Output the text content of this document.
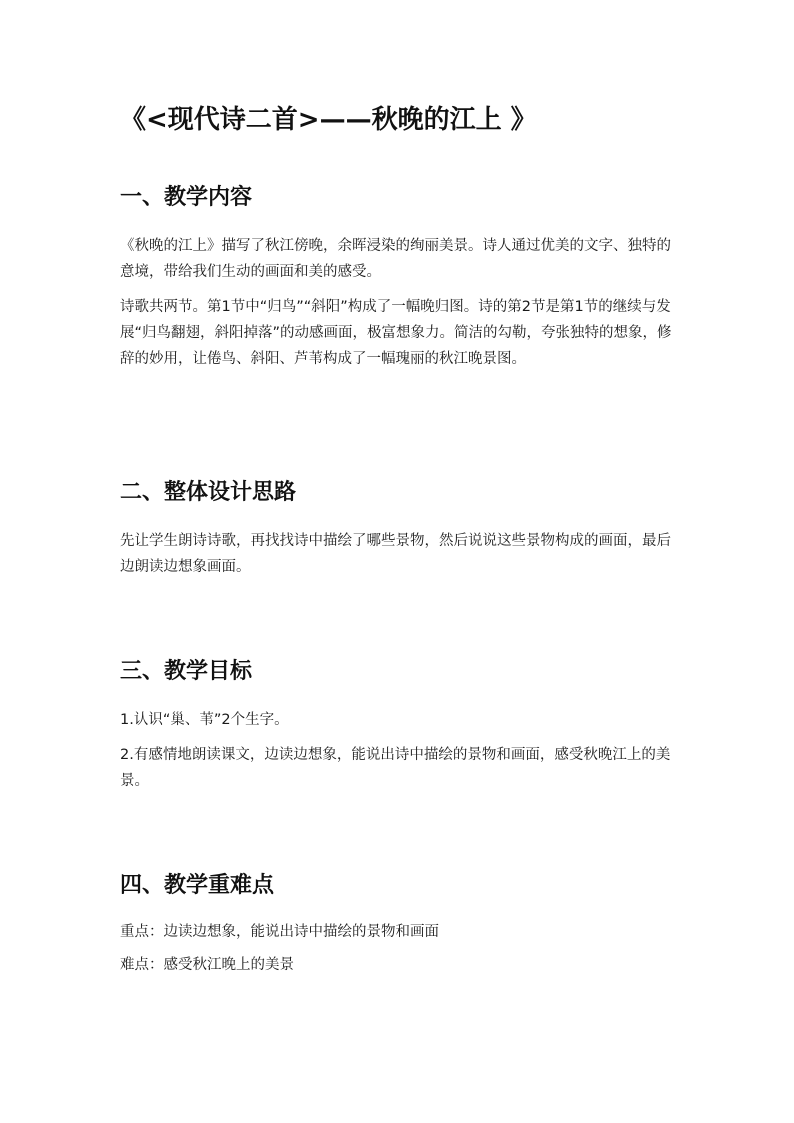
《<现代诗二首>——秋晚的江上 》
一、教学内容

《秋晚的江上》描写了秋江傍晚，余晖浸染的绚丽美景。诗人通过优美的文字、独特的意境，带给我们生动的画面和美的感受。

诗歌共两节。第1节中“归鸟”“斜阳”构成了一幅晚归图。诗的第2节是第1节的继续与发展“归鸟翻翅，斜阳掉落”的动感画面，极富想象力。简洁的勾勒，夸张独特的想象，修辞的妙用，让倦鸟、斜阳、芦苇构成了一幅瑰丽的秋江晚景图。

二、整体设计思路

先让学生朗诗诗歌，再找找诗中描绘了哪些景物，然后说说这些景物构成的画面，最后边朗读边想象画面。

三、教学目标

1.认识“巢、苇”2个生字。

2.有感情地朗读课文，边读边想象，能说出诗中描绘的景物和画面，感受秋晚江上的美景。

四、教学重难点

重点：边读边想象，能说出诗中描绘的景物和画面

难点：感受秋江晚上的美景
